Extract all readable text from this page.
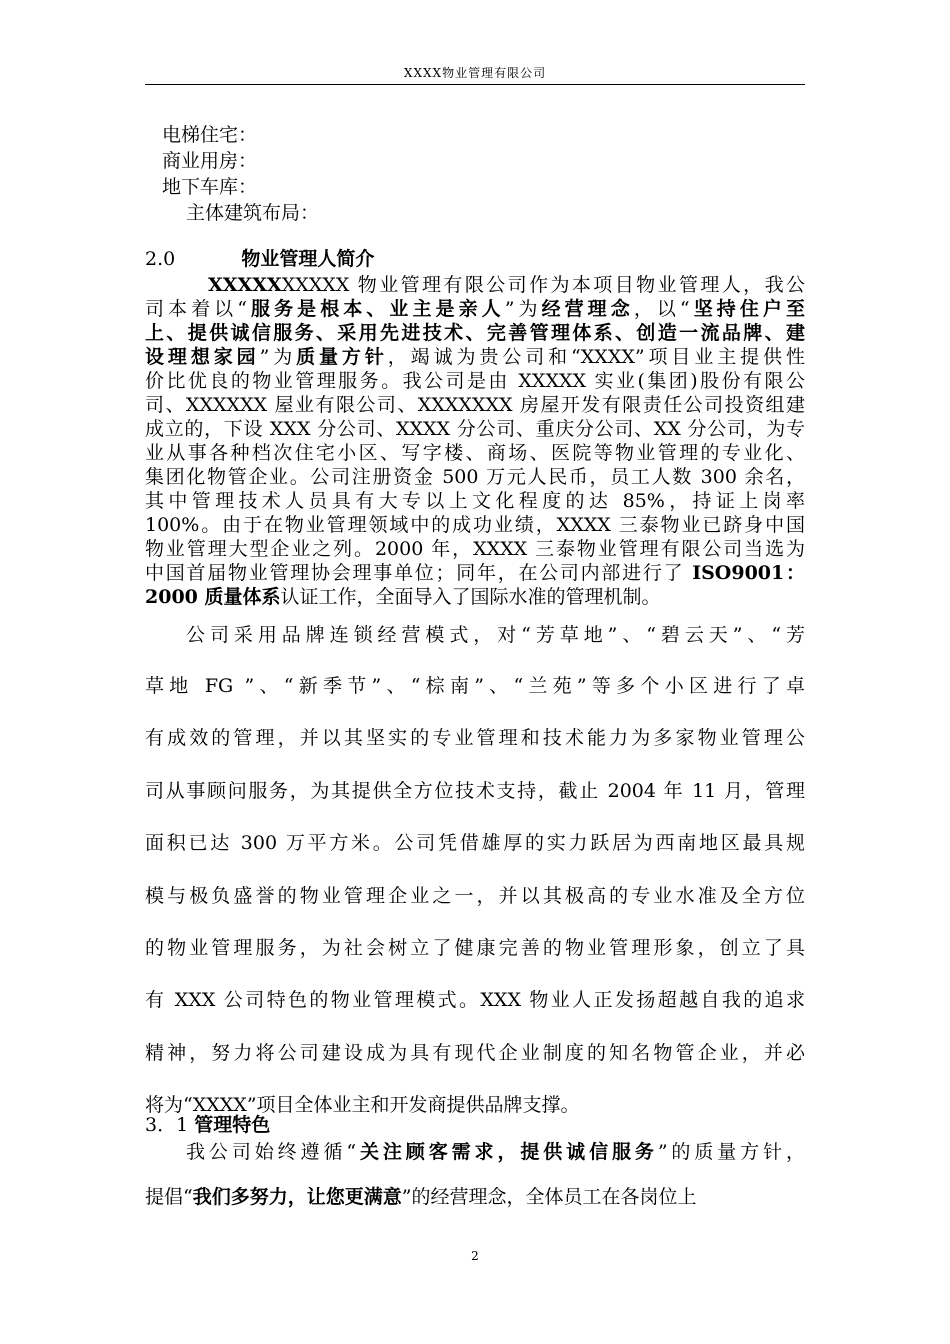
XXXX物业管理有限公司
电梯住宅：
商业用房：
地下车库：
主体建筑布局：
2.0	物业管理人简介
XXXXXXXXXX 物业管理有限公司作为本项目物业管理人，我公
司本着以“服务是根本、业主是亲人”为经营理念，以“坚持住户至
上、提供诚信服务、采用先进技术、完善管理体系、创造一流品牌、建
设理想家园”为质量方针，竭诚为贵公司和“XXXX”项目业主提供性
价比优良的物业管理服务。我公司是由 XXXXX 实业(集团)股份有限公
司、XXXXXX 屋业有限公司、XXXXXXX 房屋开发有限责任公司投资组建
成立的，下设 XXX 分公司、XXXX 分公司、重庆分公司、XX 分公司，为专
业从事各种档次住宅小区、写字楼、商场、医院等物业管理的专业化、
集团化物管企业。公司注册资金 500 万元人民币，员工人数 300 余名，
其中管理技术人员具有大专以上文化程度的达 85%，持证上岗率
100%。由于在物业管理领域中的成功业绩，XXXX 三泰物业已跻身中国
物业管理大型企业之列。2000 年，XXXX 三泰物业管理有限公司当选为
中国首届物业管理协会理事单位；同年，在公司内部进行了 ISO9001：
2000 质量体系认证工作，全面导入了国际水准的管理机制。
公司采用品牌连锁经营模式，对“芳草地”、“碧云天”、“芳
草地 FG ”、“新季节”、“棕南”、“兰苑”等多个小区进行了卓
有成效的管理，并以其坚实的专业管理和技术能力为多家物业管理公
司从事顾问服务，为其提供全方位技术支持，截止 2004 年 11 月，管理
面积已达 300 万平方米。公司凭借雄厚的实力跃居为西南地区最具规
模与极负盛誉的物业管理企业之一，并以其极高的专业水准及全方位
的物业管理服务，为社会树立了健康完善的物业管理形象，创立了具
有 XXX 公司特色的物业管理模式。XXX 物业人正发扬超越自我的追求
精神，努力将公司建设成为具有现代企业制度的知名物管企业，并必
将为“XXXX”项目全体业主和开发商提供品牌支撑。
3．1 管理特色
我公司始终遵循“关注顾客需求，提供诚信服务”的质量方针，
提倡“我们多努力，让您更满意”的经营理念，全体员工在各岗位上
2
